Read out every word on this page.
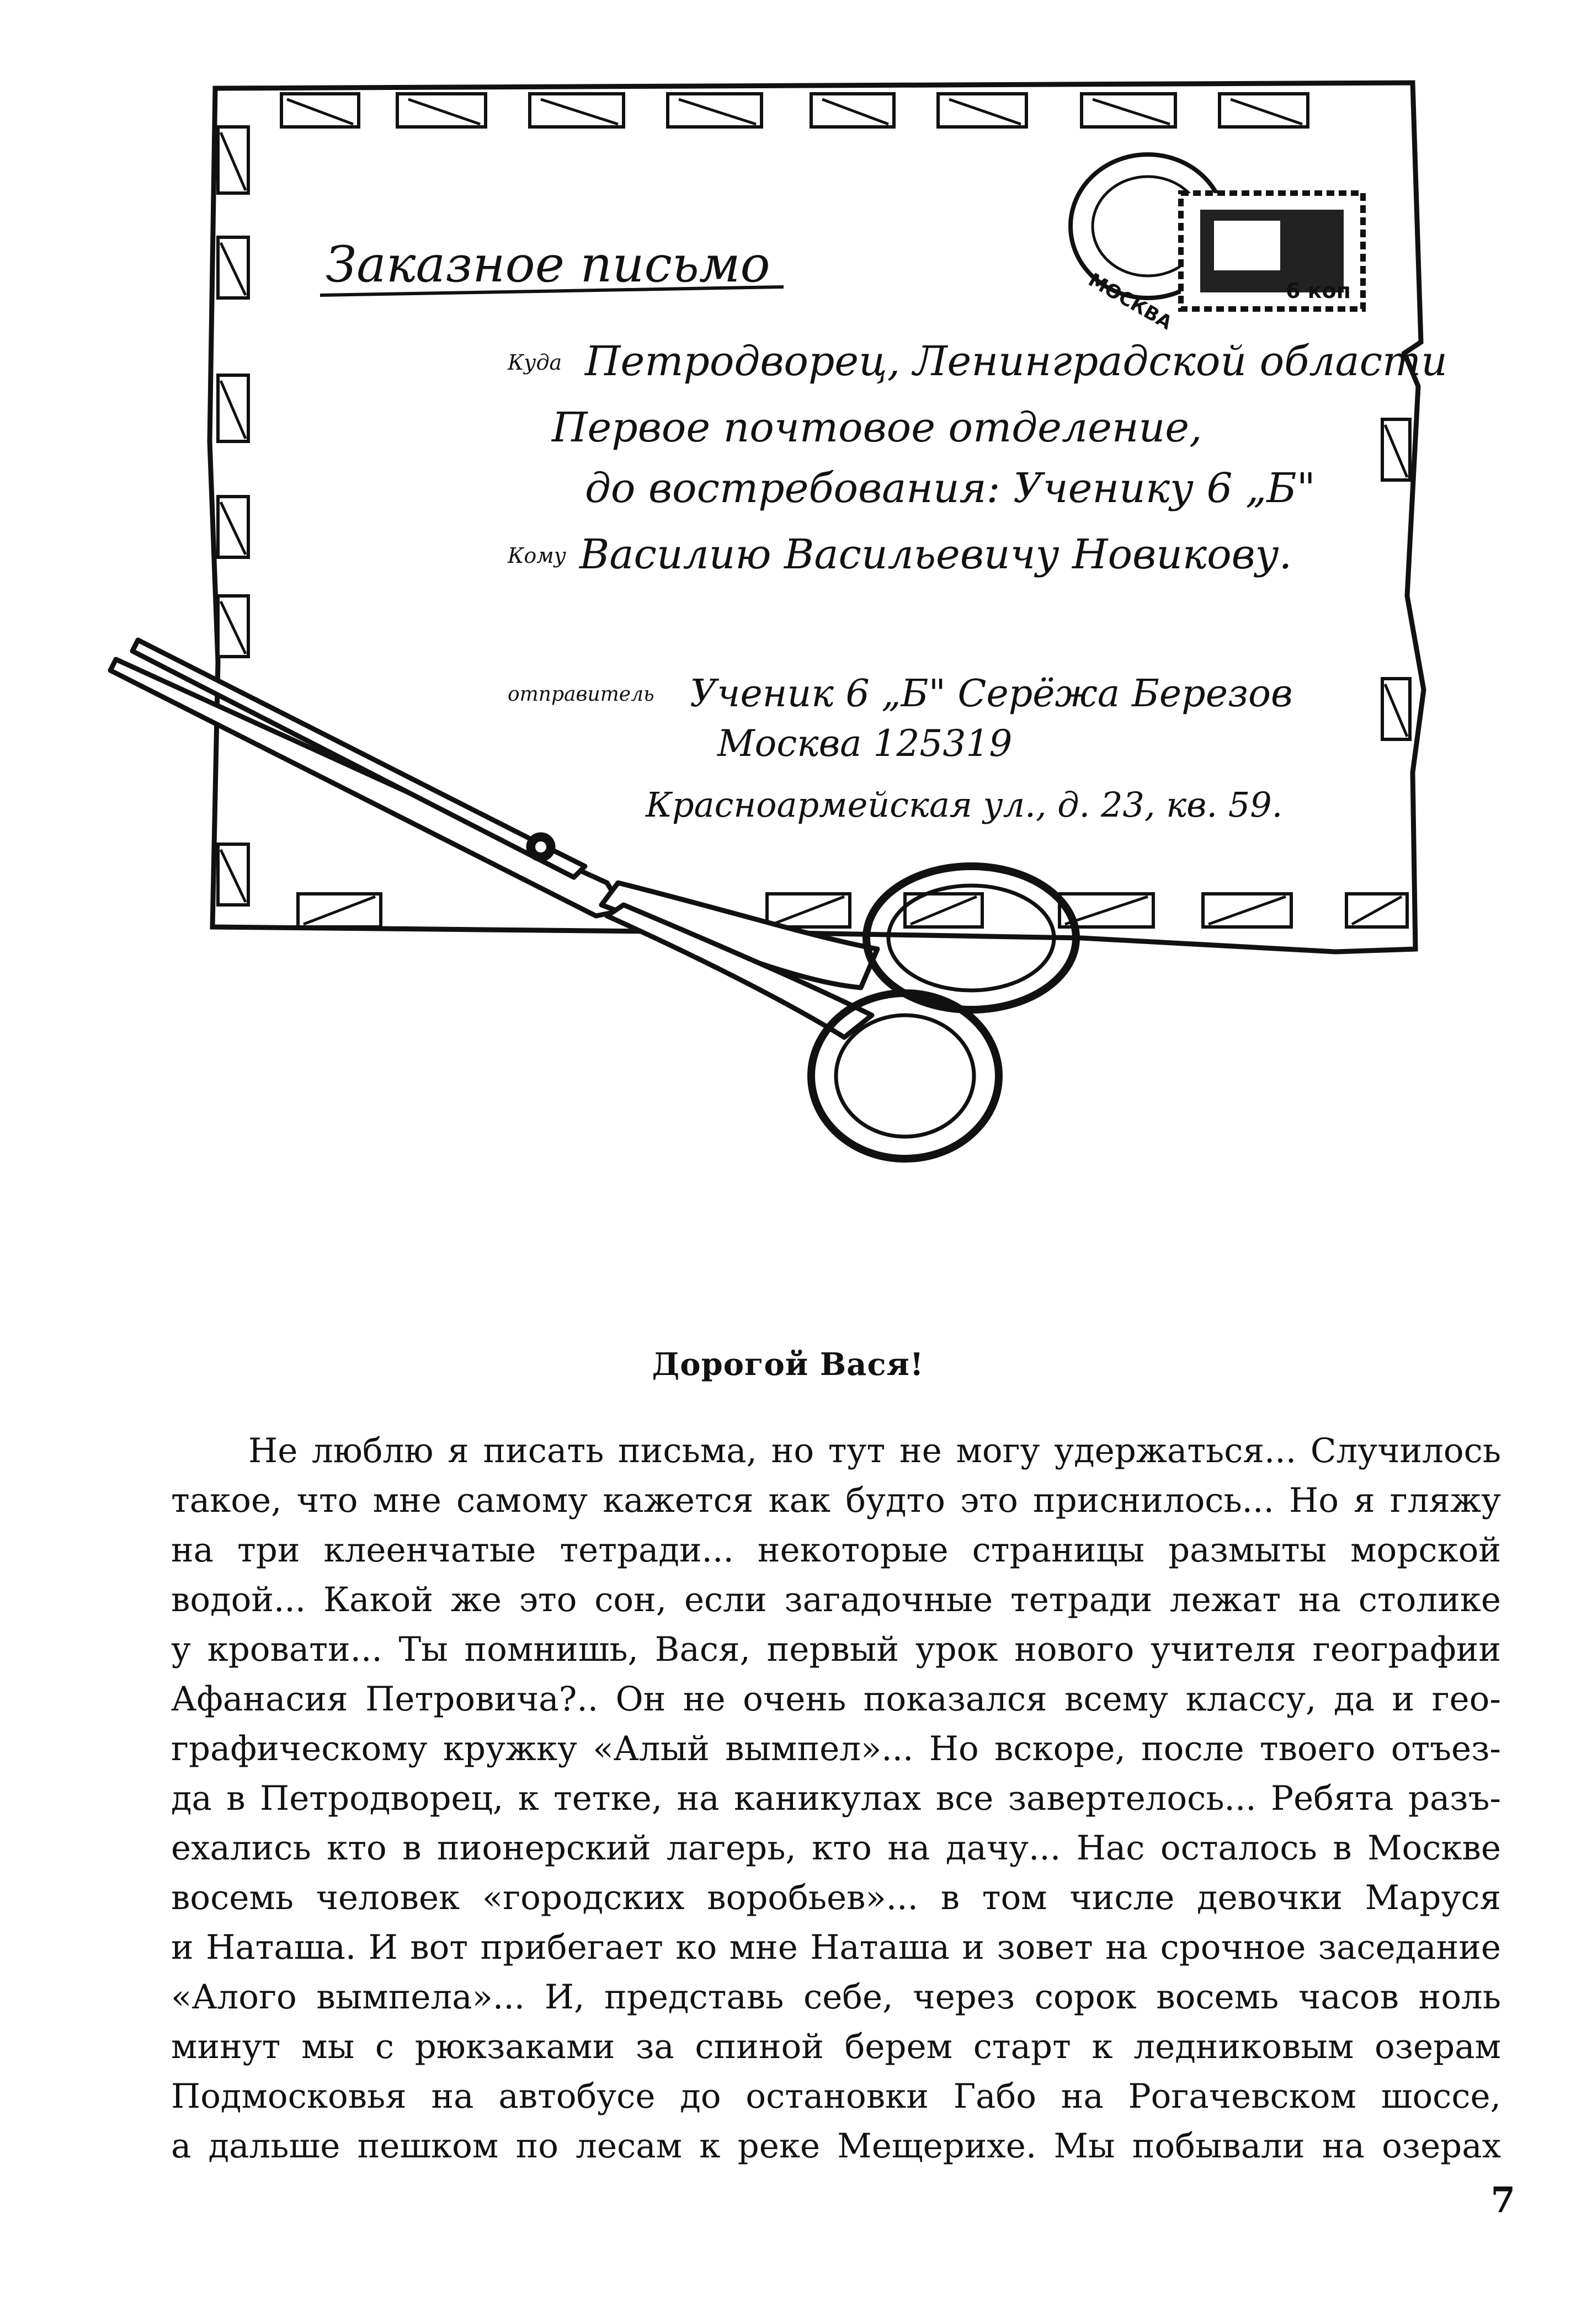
МОСКВА	6 коп
Заказное письмо
Куда Петродворец, Ленинградской области
Первое почтовое отделение,
до востребования: Ученику 6 „Б"
Кому Василию Васильевичу Новикову.
отправитель Ученик 6 „Б" Серёжа Березов
Москва 125319
Красноармейская ул., д. 23, кв. 59.
Дорогой Вася!
Не люблю я писать письма, но тут не могу удержаться... Случилось
такое, что мне самому кажется как будто это приснилось... Но я гляжу
на три клеенчатые тетради... некоторые страницы размыты морской
водой... Какой же это сон, если загадочные тетради лежат на столике
у кровати... Ты помнишь, Вася, первый урок нового учителя географии
Афанасия Петровича?.. Он не очень показался всему классу, да и гео-
графическому кружку «Алый вымпел»... Но вскоре, после твоего отъез-
да в Петродворец, к тетке, на каникулах все завертелось... Ребята разъ-
ехались кто в пионерский лагерь, кто на дачу... Нас осталось в Москве
восемь человек «городских воробьев»... в том числе девочки Маруся
и Наташа. И вот прибегает ко мне Наташа и зовет на срочное заседание
«Алого вымпела»... И, представь себе, через сорок восемь часов ноль
минут мы с рюкзаками за спиной берем старт к ледниковым озерам
Подмосковья на автобусе до остановки Габо на Рогачевском шоссе,
а дальше пешком по лесам к реке Мещерихе. Мы побывали на озерах
7
